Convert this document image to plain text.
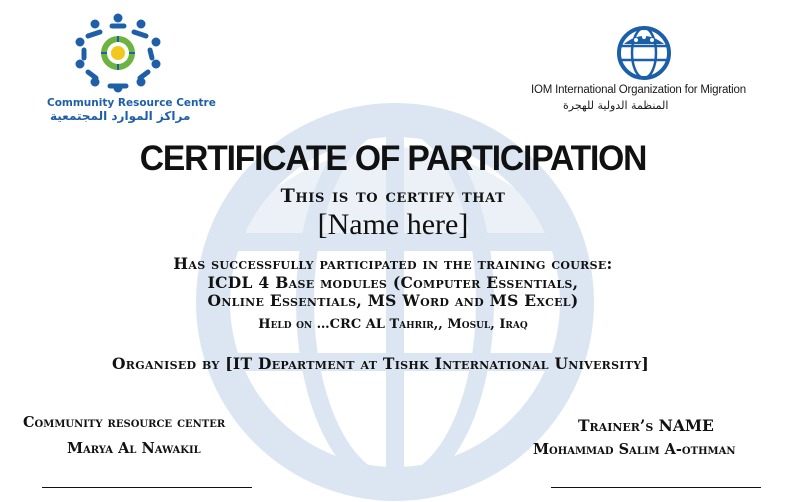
Community Resource Centre
مراكز الموارد المجتمعية
IOM International Organization for Migration
المنظمة الدولية للهجرة
CERTIFICATE OF PARTICIPATION
This is to certify that
[Name here]
Has successfully participated in the training course:
ICDL 4 Base modules (Computer Essentials,
Online Essentials, MS Word and MS Excel)
Held on …CRC AL Tahrir,, Mosul, Iraq
Organised by [IT Department at Tishk International University]
Community resource center
Marya Al Nawakil
Trainer’s NAME
Mohammad Salim A-othman
